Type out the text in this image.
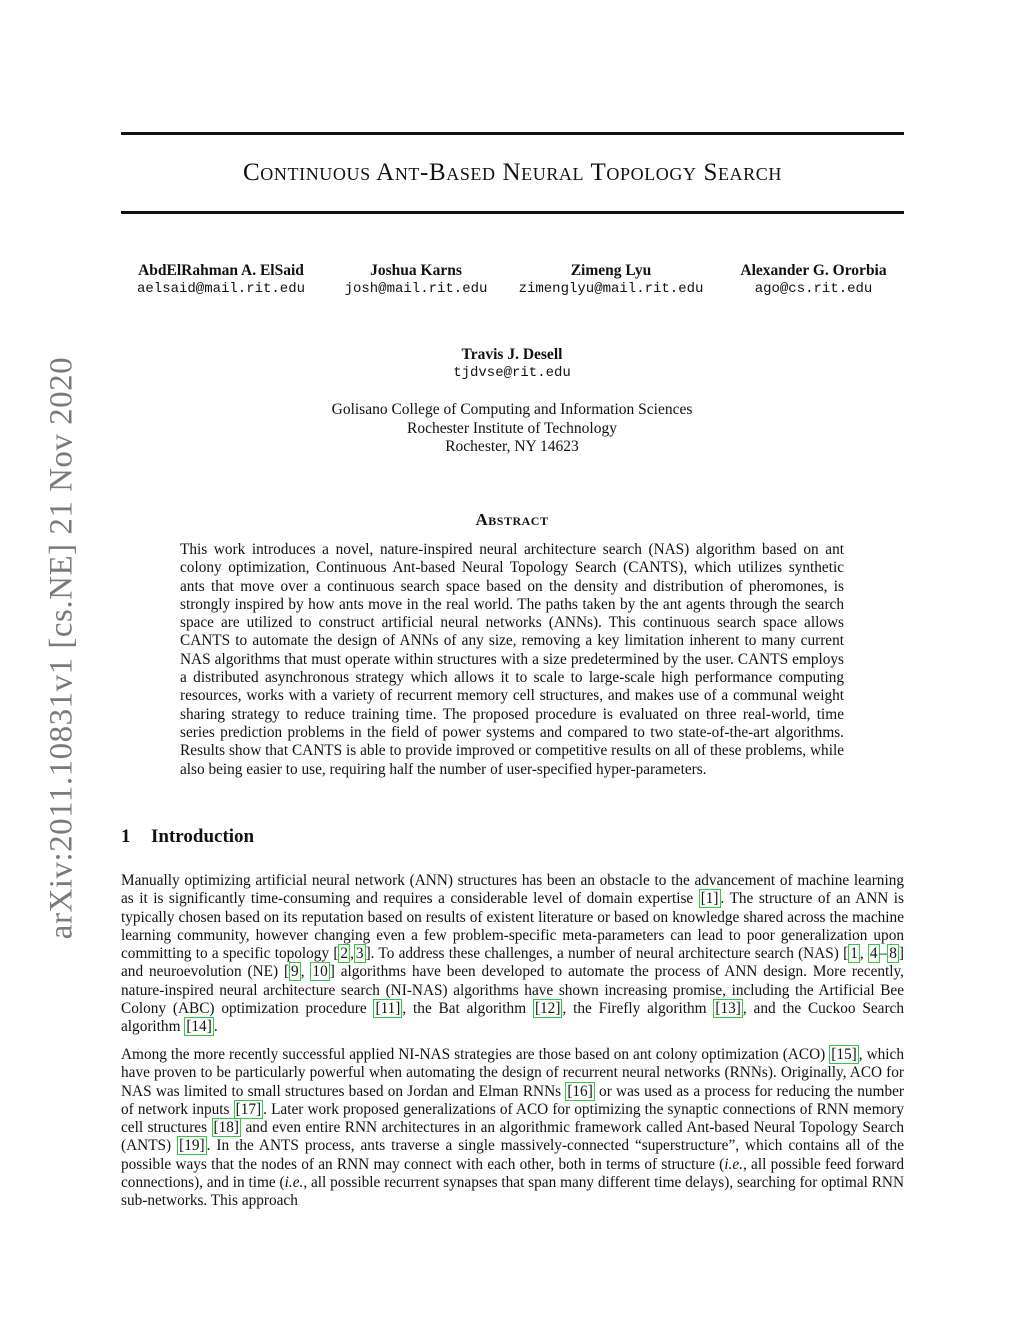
arXiv:2011.10831v1 [cs.NE] 21 Nov 2020
Continuous Ant-Based Neural Topology Search
AbdElRahman A. ElSaid
aelsaid@mail.rit.edu
Joshua Karns
josh@mail.rit.edu
Zimeng Lyu
zimenglyu@mail.rit.edu
Alexander G. Ororbia
ago@cs.rit.edu
Travis J. Desell
tjdvse@rit.edu
Golisano College of Computing and Information Sciences
Rochester Institute of Technology
Rochester, NY 14623
Abstract
This work introduces a novel, nature-inspired neural architecture search (NAS) algorithm based on ant colony optimization, Continuous Ant-based Neural Topology Search (CANTS), which utilizes synthetic ants that move over a continuous search space based on the density and distribution of pheromones, is strongly inspired by how ants move in the real world. The paths taken by the ant agents through the search space are utilized to construct artificial neural networks (ANNs). This continuous search space allows CANTS to automate the design of ANNs of any size, removing a key limitation inherent to many current NAS algorithms that must operate within structures with a size predetermined by the user. CANTS employs a distributed asynchronous strategy which allows it to scale to large-scale high performance computing resources, works with a variety of recurrent memory cell structures, and makes use of a communal weight sharing strategy to reduce training time. The proposed procedure is evaluated on three real-world, time series prediction problems in the field of power systems and compared to two state-of-the-art algorithms. Results show that CANTS is able to provide improved or competitive results on all of these problems, while also being easier to use, requiring half the number of user-specified hyper-parameters.
1 Introduction
Manually optimizing artificial neural network (ANN) structures has been an obstacle to the advancement of machine learning as it is significantly time-consuming and requires a considerable level of domain expertise [1] . The structure of an ANN is typically chosen based on its reputation based on results of existent literature or based on knowledge shared across the machine learning community, however changing even a few problem-specific meta-parameters can lead to poor generalization upon committing to a specific topology [ 2 , 3 ]. To address these challenges, a number of neural architecture search (NAS) [ 1 , 4 – 8 ] and neuroevolution (NE) [ 9 , 10 ] algorithms have been developed to automate the process of ANN design. More recently, nature-inspired neural architecture search (NI-NAS) algorithms have shown increasing promise, including the Artificial Bee Colony (ABC) optimization procedure [11] , the Bat algorithm [12] , the Firefly algorithm [13] , and the Cuckoo Search algorithm [14] .
Among the more recently successful applied NI-NAS strategies are those based on ant colony optimization (ACO) [15] , which have proven to be particularly powerful when automating the design of recurrent neural networks (RNNs). Originally, ACO for NAS was limited to small structures based on Jordan and Elman RNNs [16] or was used as a process for reducing the number of network inputs [17] . Later work proposed generalizations of ACO for optimizing the synaptic connections of RNN memory cell structures [18] and even entire RNN architectures in an algorithmic framework called Ant-based Neural Topology Search (ANTS) [19] . In the ANTS process, ants traverse a single massively-connected “superstructure”, which contains all of the possible ways that the nodes of an RNN may connect with each other, both in terms of structure (i.e., all possible feed forward connections), and in time (i.e., all possible recurrent synapses that span many different time delays), searching for optimal RNN sub-networks. This approach
